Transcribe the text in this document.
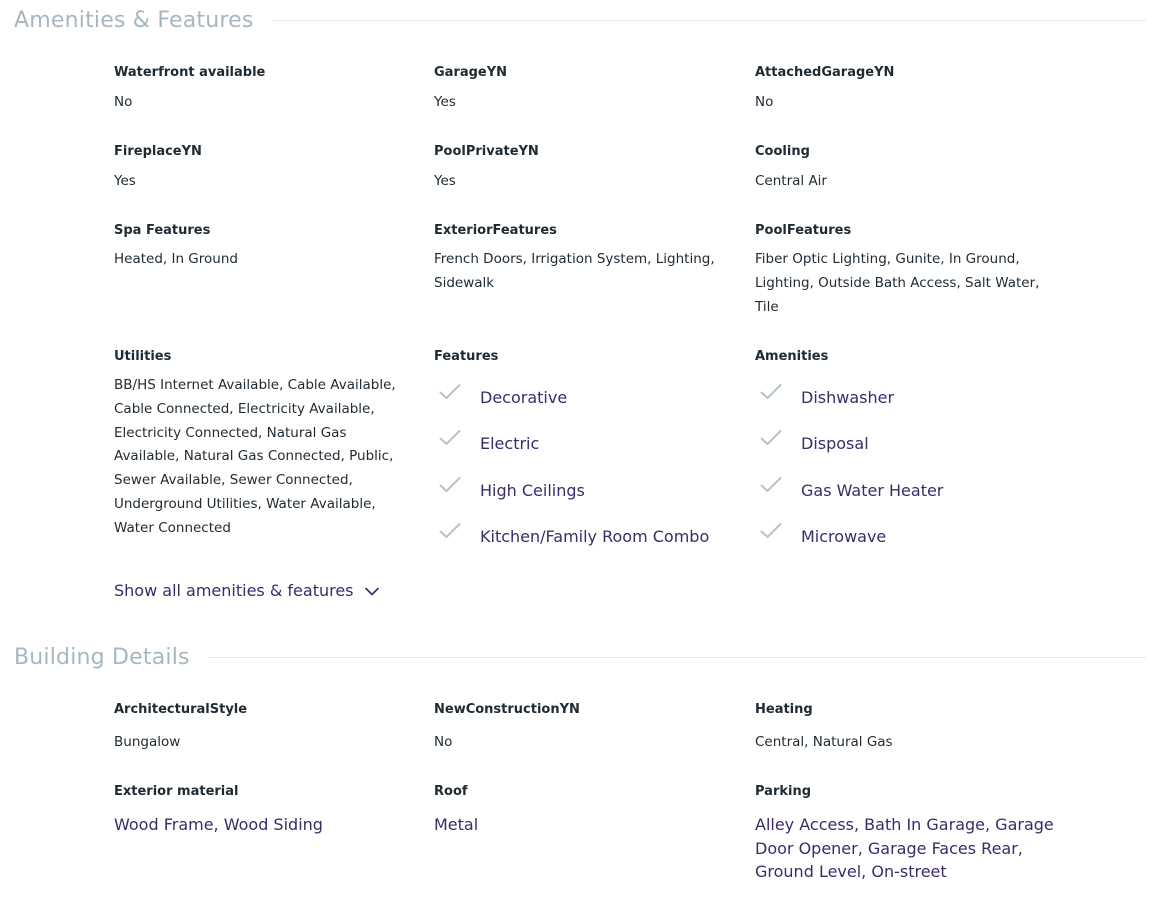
Amenities & Features

Waterfront available

No

GarageYN

Yes

AttachedGarageYN

No

FireplaceYN

Yes

PoolPrivateYN

Yes

Cooling

Central Air

Spa Features

Heated, In Ground

ExteriorFeatures

French Doors, Irrigation System, Lighting, Sidewalk

PoolFeatures

Fiber Optic Lighting, Gunite, In Ground, Lighting, Outside Bath Access, Salt Water, Tile

Utilities

BB/HS Internet Available, Cable Available, Cable Connected, Electricity Available, Electricity Connected, Natural Gas Available, Natural Gas Connected, Public, Sewer Available, Sewer Connected, Underground Utilities, Water Available, Water Connected

Features

Decorative
Electric
High Ceilings
Kitchen/Family Room Combo

Amenities

Dishwasher
Disposal
Gas Water Heater
Microwave
Show all amenities & features
Building Details

ArchitecturalStyle

Bungalow

NewConstructionYN

No

Heating

Central, Natural Gas

Exterior material

Wood Frame, Wood Siding

Roof

Metal

Parking

Alley Access, Bath In Garage, Garage Door Opener, Garage Faces Rear, Ground Level, On-street
